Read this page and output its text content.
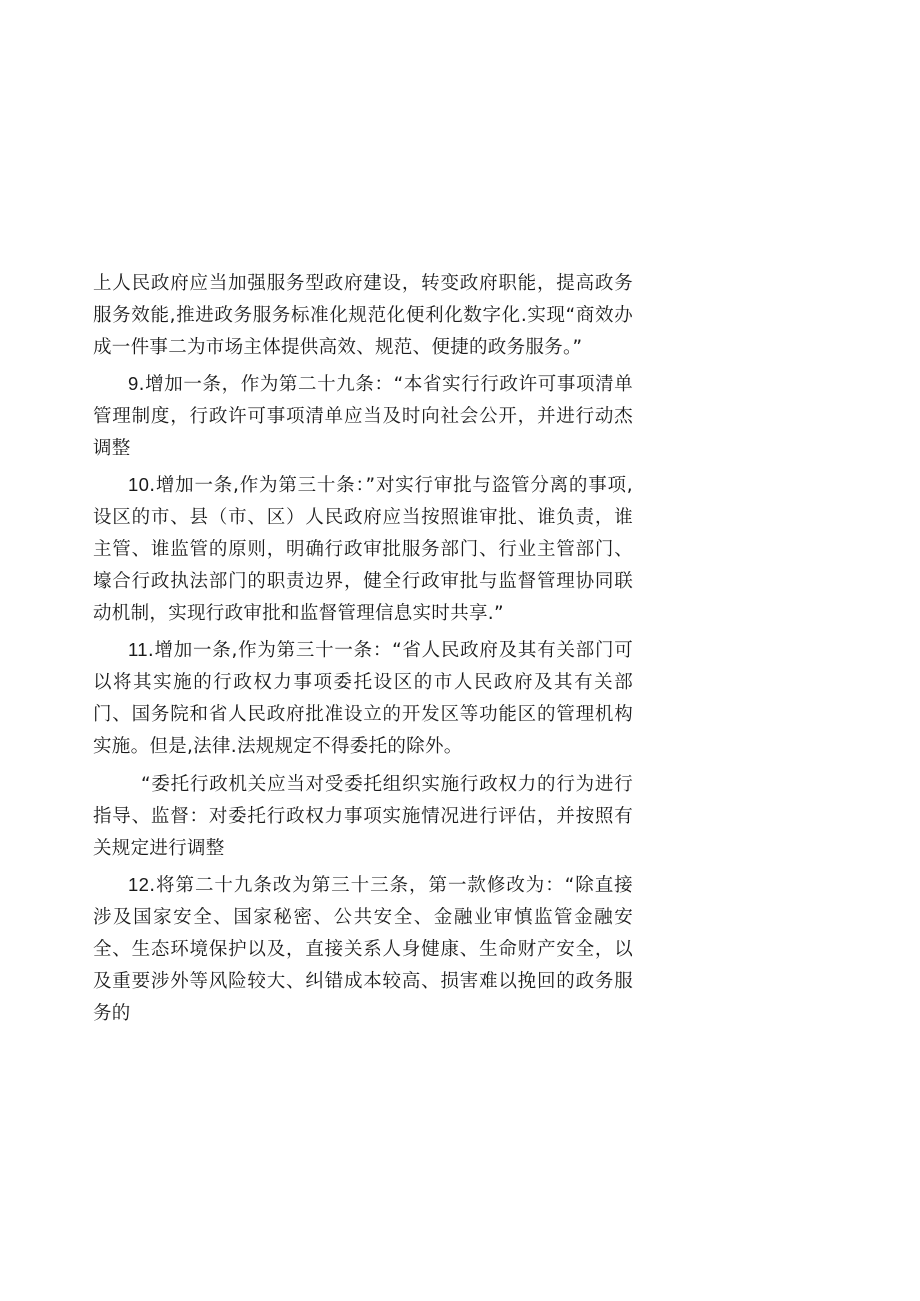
上人民政府应当加强服务型政府建设，转变政府职能，提高政务服务效能,推进政务服务标准化规范化便利化数字化.实现“商效办成一件事二为市场主体提供高效、规范、便捷的政务服务。”

9.增加一条，作为第二十九条：“本省实行行政许可事项清单管理制度，行政许可事项清单应当及时向社会公开，并进行动杰调整

10.增加一条,作为第三十条：”对实行审批与盗管分离的事项,设区的市、县（市、区）人民政府应当按照谁审批、谁负责，谁主管、谁监管的原则，明确行政审批服务部门、行业主管部门、壕合行政执法部门的职责边界，健全行政审批与监督管理协同联动机制，实现行政审批和监督管理信息实时共享.”

11.增加一条,作为第三十一条：“省人民政府及其有关部门可以将其实施的行政权力事项委托设区的市人民政府及其有关部门、国务院和省人民政府批准设立的开发区等功能区的管理机构实施。但是,法律.法规规定不得委托的除外。

“委托行政机关应当对受委托组织实施行政权力的行为进行指导、监督：对委托行政权力事项实施情况进行评估，并按照有关规定进行调整

12.将第二十九条改为第三十三条，第一款修改为：“除直接涉及国家安全、国家秘密、公共安全、金融业审慎监管金融安全、生态环境保护以及，直接关系人身健康、生命财产安全，以及重要涉外等风险较大、纠错成本较高、损害难以挽回的政务服务的
